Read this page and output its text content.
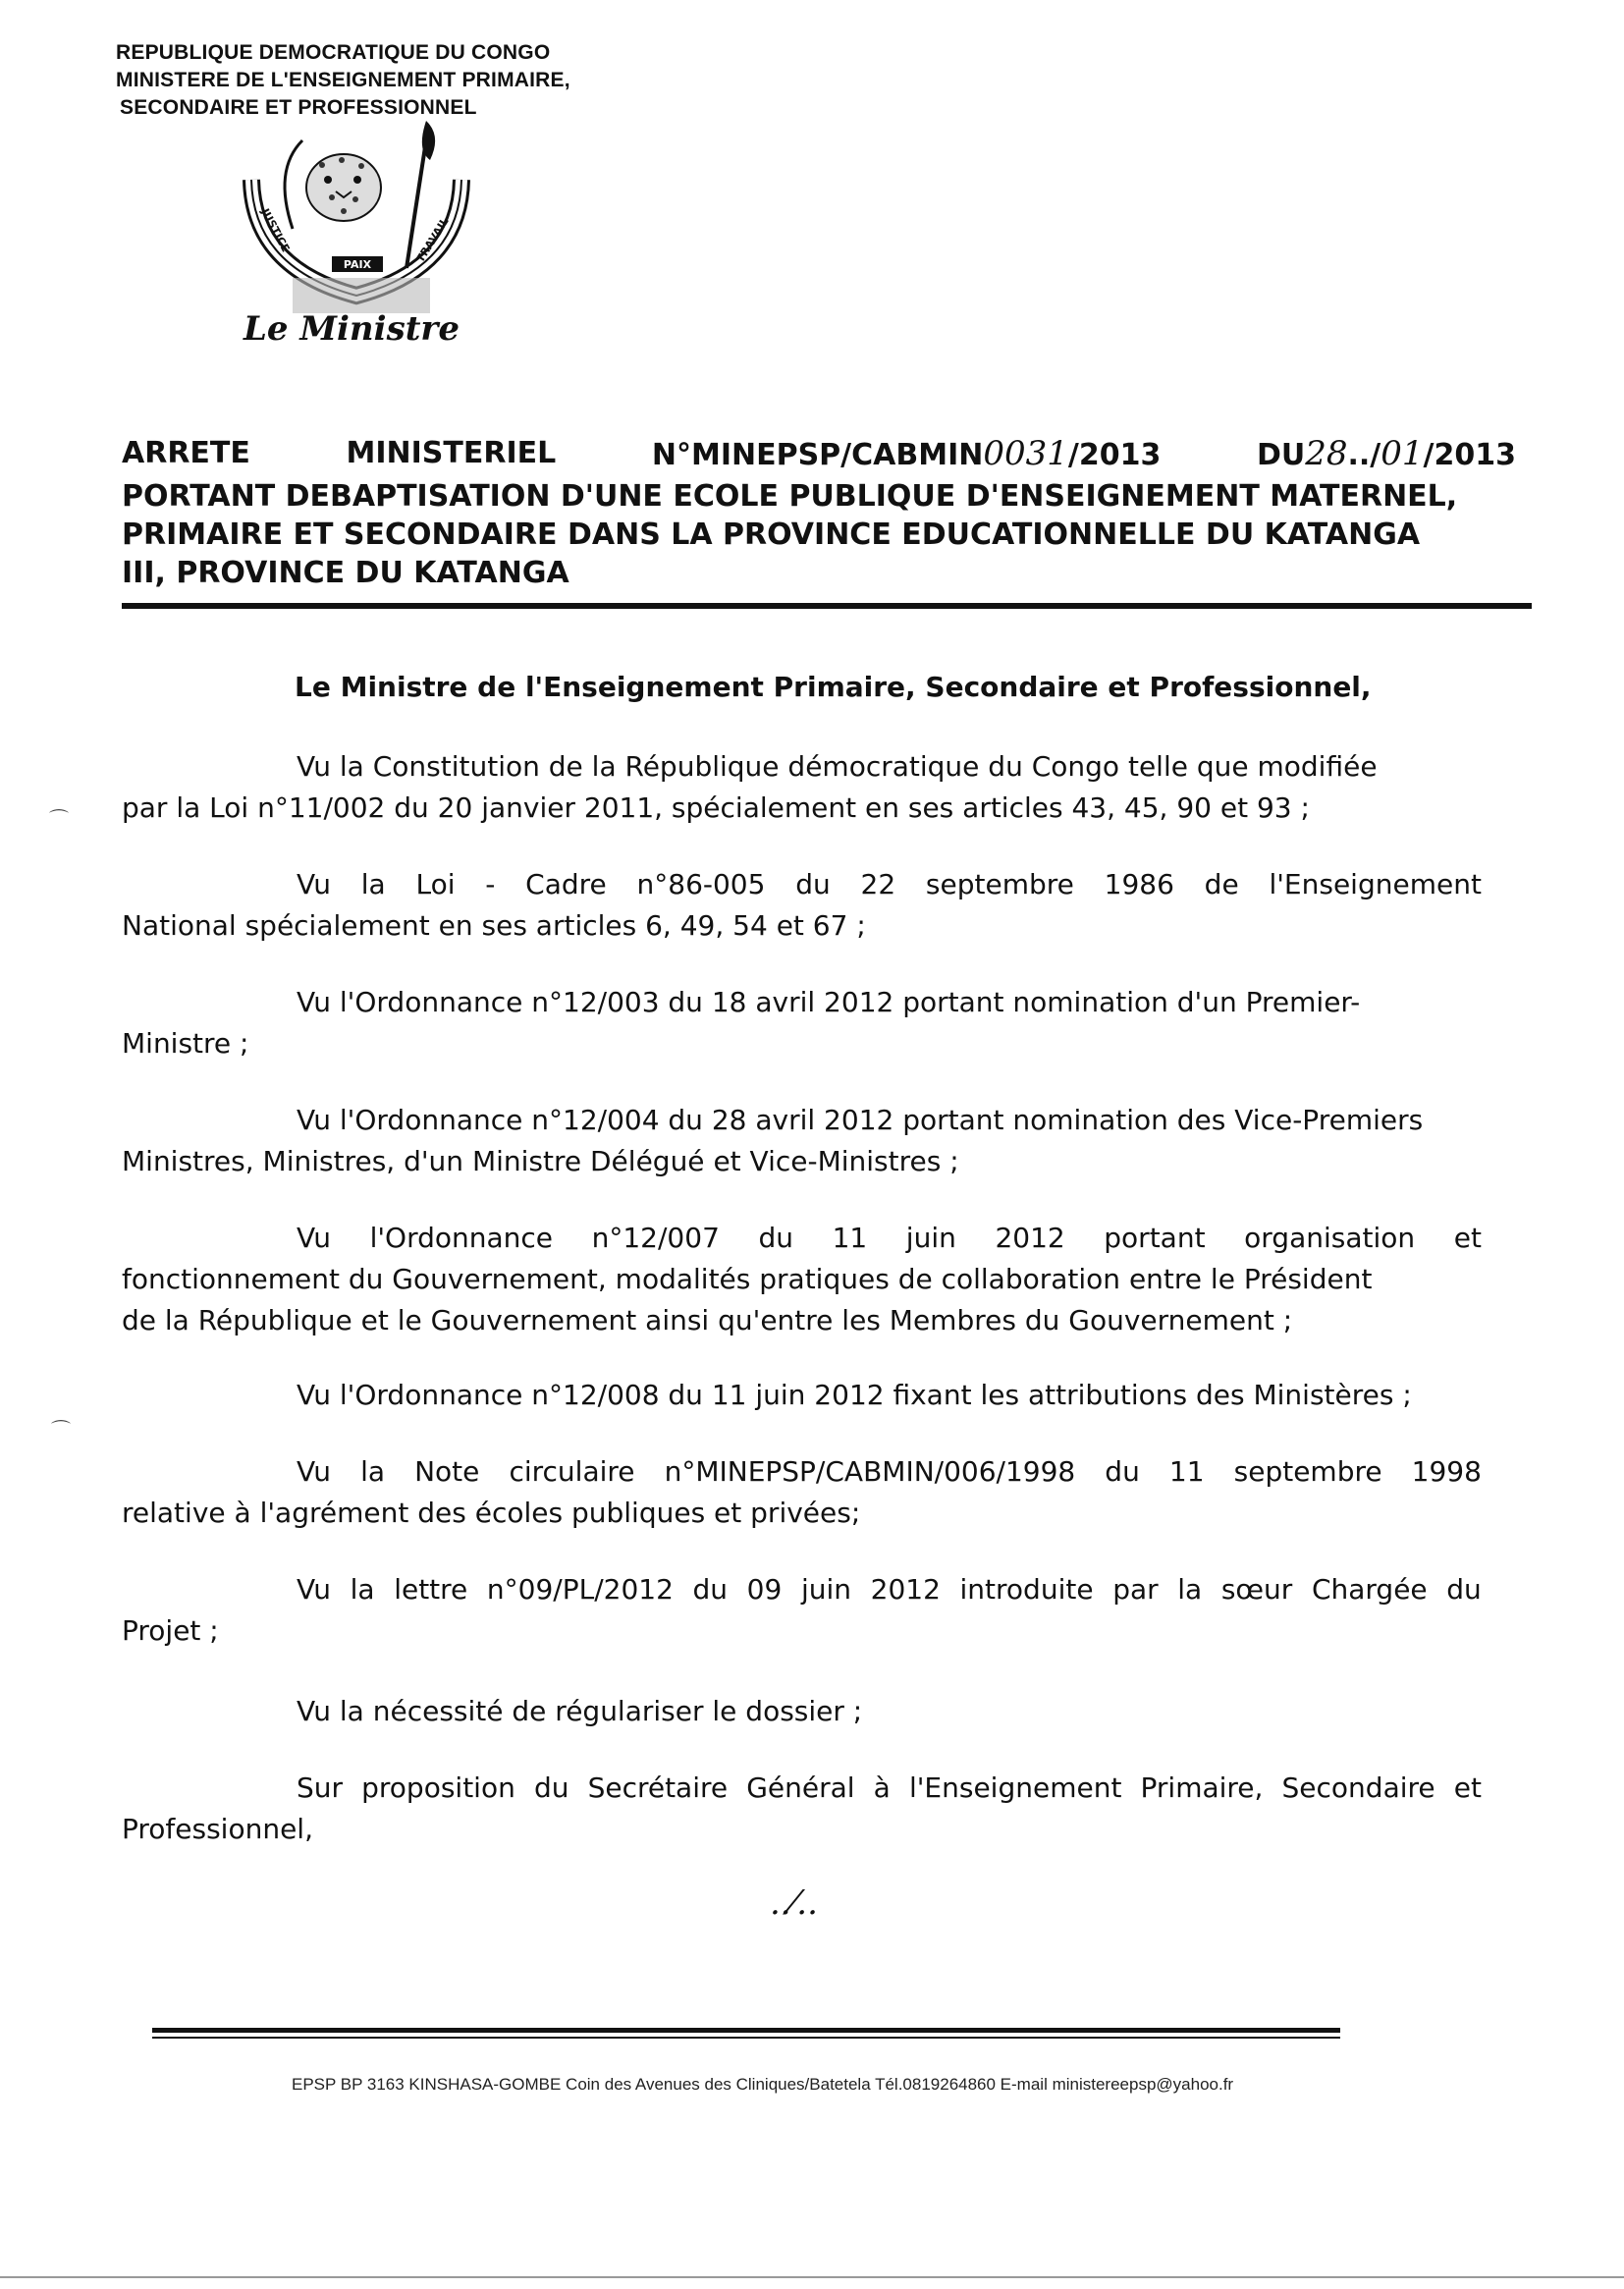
REPUBLIQUE DEMOCRATIQUE DU CONGO
MINISTERE DE L'ENSEIGNEMENT PRIMAIRE,
SECONDAIRE ET PROFESSIONNEL
JUSTICE	TRAVAIL
PAIX
Le Ministre
ARRETE	MINISTERIEL	N°MINEPSP/CABMIN0031/2013	DU28../01/2013
PORTANT DEBAPTISATION D'UNE ECOLE PUBLIQUE D'ENSEIGNEMENT MATERNEL,
PRIMAIRE ET SECONDAIRE DANS LA PROVINCE EDUCATIONNELLE DU KATANGA
III, PROVINCE DU KATANGA
Le Ministre de l'Enseignement Primaire, Secondaire et Professionnel,
Vu la Constitution de la République démocratique du Congo telle que modifiée
par la Loi n°11/002 du 20 janvier 2011, spécialement en ses articles 43, 45, 90 et 93 ;
⌒
Vu la Loi - Cadre n°86-005 du 22 septembre 1986 de l'Enseignement
National spécialement en ses articles 6, 49, 54 et 67 ;
Vu l'Ordonnance n°12/003 du 18 avril 2012 portant nomination d'un Premier-
Ministre ;
Vu l'Ordonnance n°12/004 du 28 avril 2012 portant nomination des Vice-Premiers
Ministres, Ministres, d'un Ministre Délégué et Vice-Ministres ;
Vu l'Ordonnance n°12/007 du 11 juin 2012 portant organisation et
fonctionnement du Gouvernement, modalités pratiques de collaboration entre le Président
de la République et le Gouvernement ainsi qu'entre les Membres du Gouvernement ;
Vu l'Ordonnance n°12/008 du 11 juin 2012 fixant les attributions des Ministères ;
⌒
Vu la Note circulaire n°MINEPSP/CABMIN/006/1998 du 11 septembre 1998
relative à l'agrément des écoles publiques et privées;
Vu la lettre n°09/PL/2012 du 09 juin 2012 introduite par la sœur Chargée du
Projet ;
Vu la nécessité de régulariser le dossier ;
Sur proposition du Secrétaire Général à l'Enseignement Primaire, Secondaire et
Professionnel,
..⁄..
EPSP BP 3163 KINSHASA-GOMBE Coin des Avenues des Cliniques/Batetela Tél.0819264860 E-mail ministereepsp@yahoo.fr
